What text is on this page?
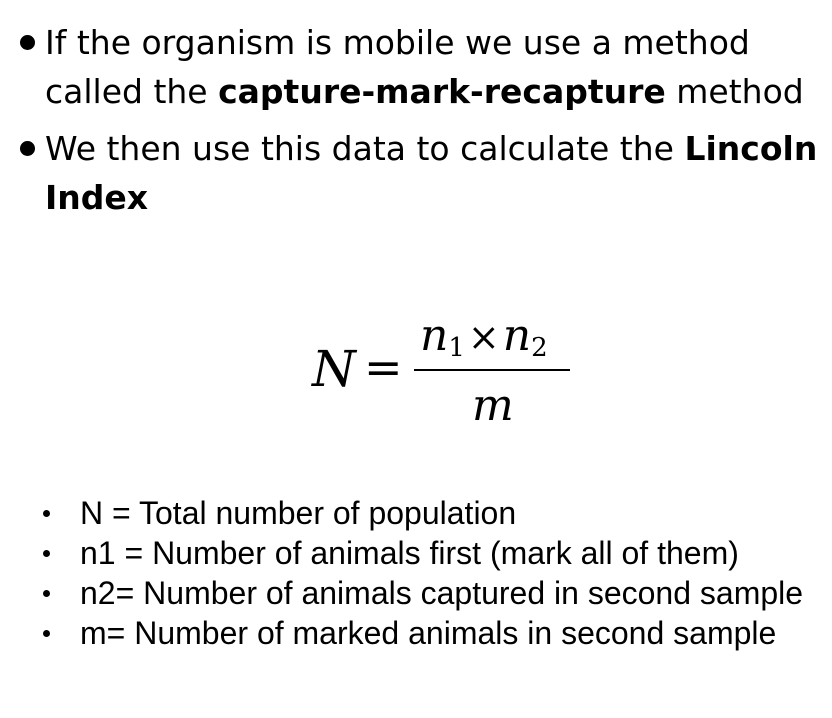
If the organism is mobile we use a method called the capture-mark-recapture method
We then use this data to calculate the Lincoln Index
N =
$n_1\times n_2$
m
N = Total number of population
n1 = Number of animals first (mark all of them)
n2= Number of animals captured in second sample
m= Number of marked animals in second sample
